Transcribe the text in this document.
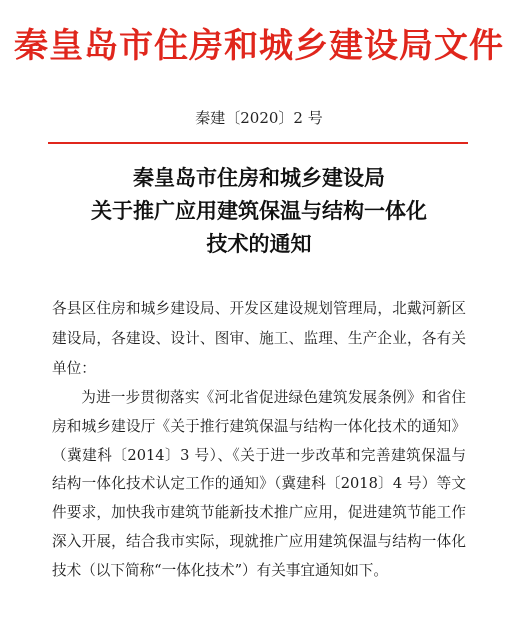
秦皇岛市住房和城乡建设局文件
秦建〔2020〕2 号
秦皇岛市住房和城乡建设局
关于推广应用建筑保温与结构一体化
技术的通知
各县区住房和城乡建设局、开发区建设规划管理局，北戴河新区建设局，各建设、设计、图审、施工、监理、生产企业，各有关单位：
为进一步贯彻落实《河北省促进绿色建筑发展条例》和省住房和城乡建设厅《关于推行建筑保温与结构一体化技术的通知》（冀建科〔2014〕3 号）、《关于进一步改革和完善建筑保温与结构一体化技术认定工作的通知》（冀建科〔2018〕4 号）等文件要求，加快我市建筑节能新技术推广应用，促进建筑节能工作深入开展，结合我市实际，现就推广应用建筑保温与结构一体化技术（以下简称“一体化技术”）有关事宜通知如下。
